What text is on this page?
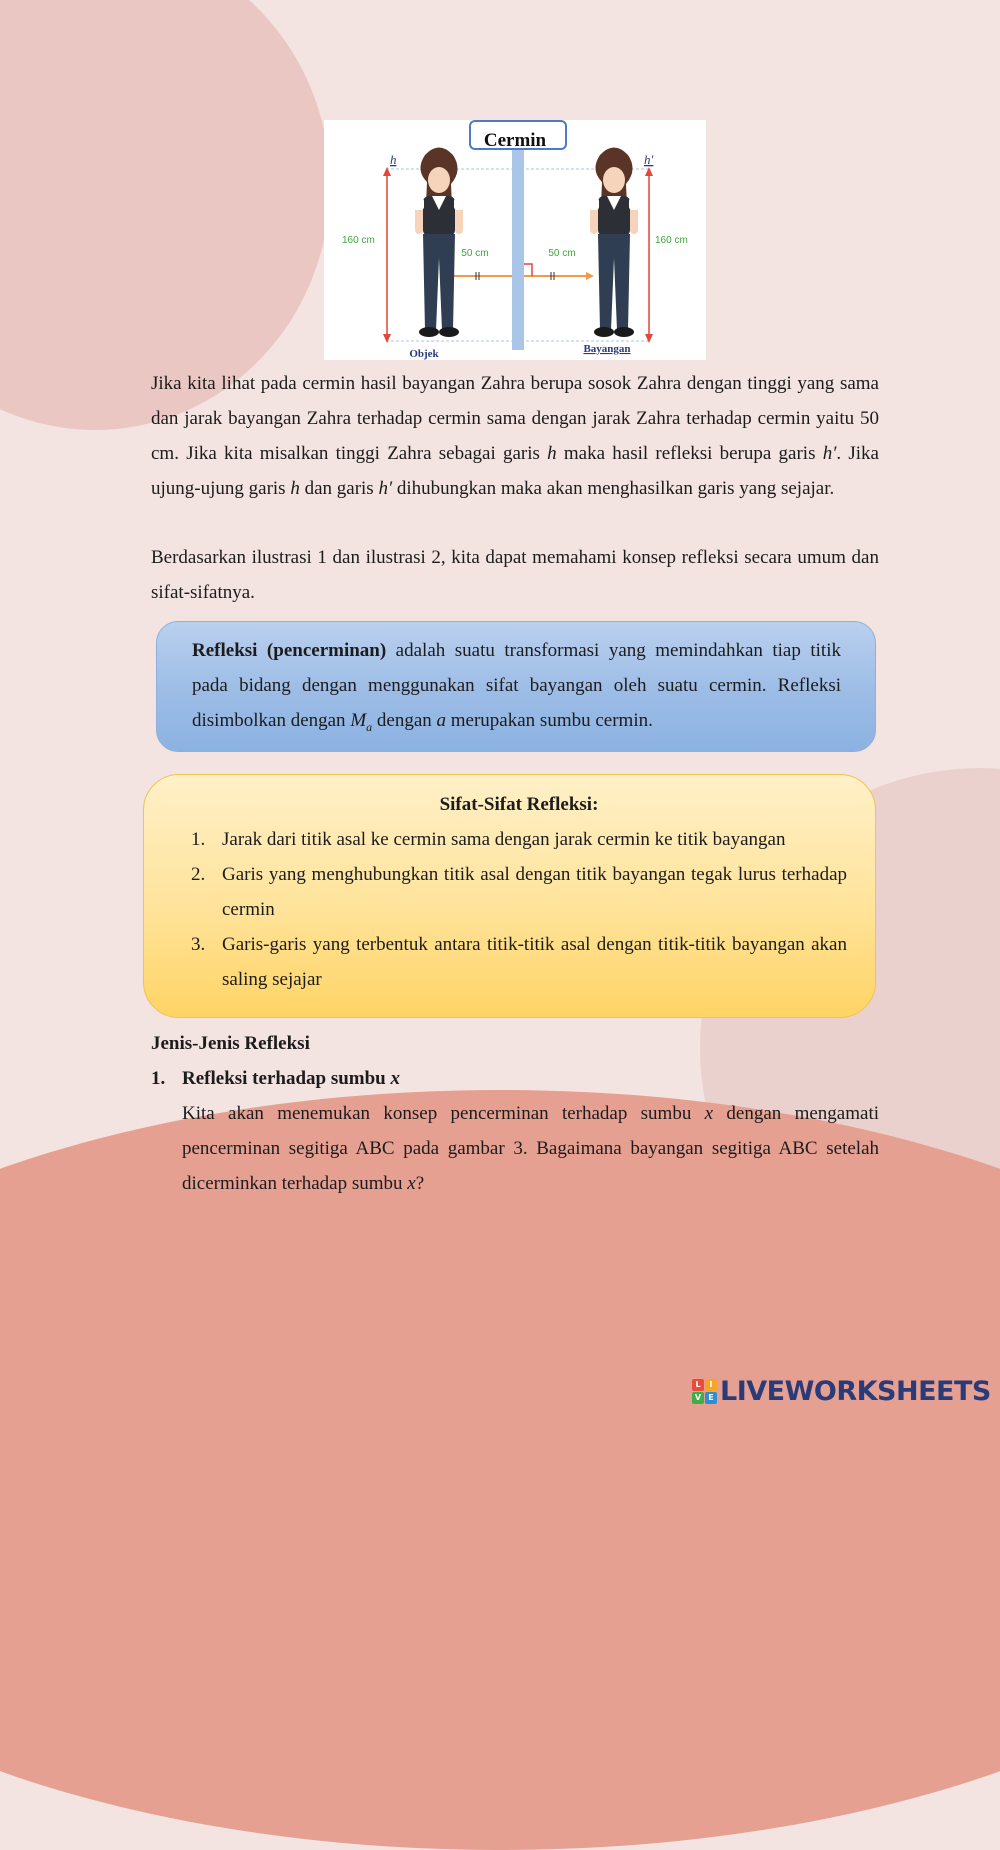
Cermin
h
160 cm
h′
160 cm
50 cm	50 cm
Objek	Bayangan

Jika kita lihat pada cermin hasil bayangan Zahra berupa sosok Zahra dengan tinggi yang sama dan jarak bayangan Zahra terhadap cermin sama dengan jarak Zahra terhadap cermin yaitu 50 cm. Jika kita misalkan tinggi Zahra sebagai garis h maka hasil refleksi berupa garis h′. Jika ujung-ujung garis h dan garis h′ dihubungkan maka akan menghasilkan garis yang sejajar.

Berdasarkan ilustrasi 1 dan ilustrasi 2, kita dapat memahami konsep refleksi secara umum dan sifat-sifatnya.

Refleksi (pencerminan) adalah suatu transformasi yang memindahkan tiap titik pada bidang dengan menggunakan sifat bayangan oleh suatu cermin. Refleksi disimbolkan dengan $M_a$ dengan a merupakan sumbu cermin.

Sifat-Sifat Refleksi:

1. Jarak dari titik asal ke cermin sama dengan jarak cermin ke titik bayangan
2. Garis yang menghubungkan titik asal dengan titik bayangan tegak lurus terhadap cermin
3. Garis-garis yang terbentuk antara titik-titik asal dengan titik-titik bayangan akan saling sejajar
Jenis-Jenis Refleksi
1. Refleksi terhadap sumbu x
Kita akan menemukan konsep pencerminan terhadap sumbu x dengan mengamati pencerminan segitiga ABC pada gambar 3. Bagaimana bayangan segitiga ABC setelah dicerminkan terhadap sumbu x?
L	I
V E LIVEWORKSHEETS
